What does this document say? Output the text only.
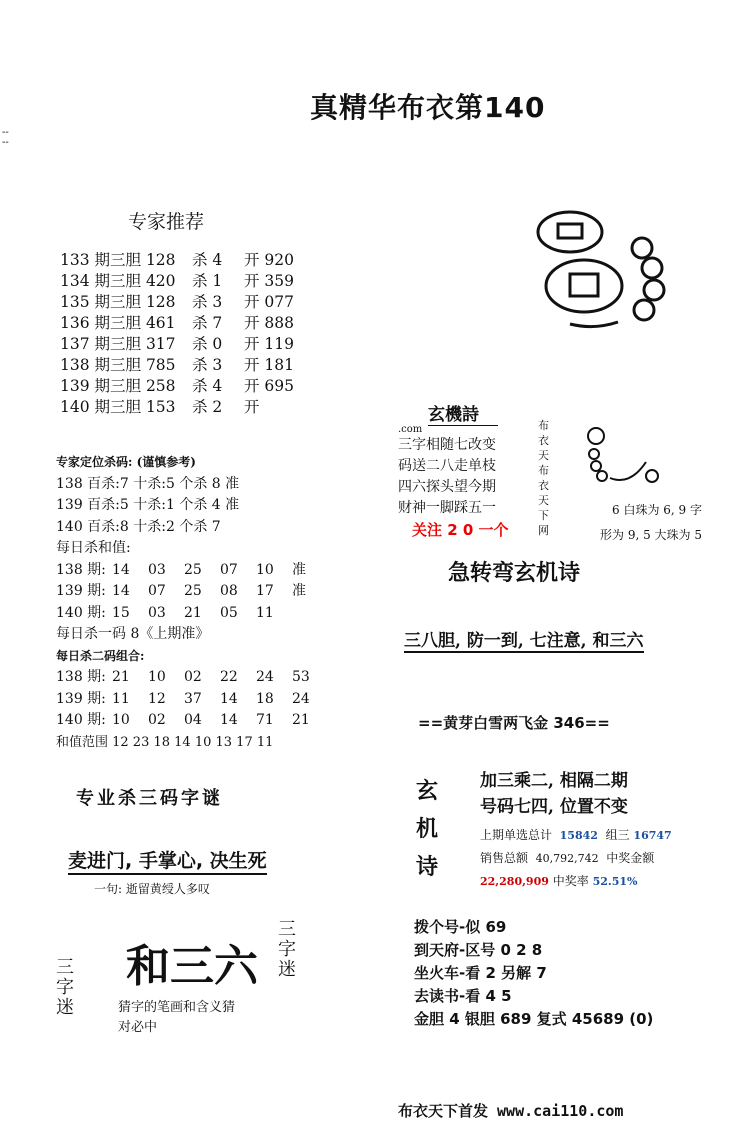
--
--
真精华布衣第140
专家推荐
133 期三胆 128 杀 4 开 920
134 期三胆 420 杀 1 开 359
135 期三胆 128 杀 3 开 077
136 期三胆 461 杀 7 开 888
137 期三胆 317 杀 0 开 119
138 期三胆 785 杀 3 开 181
139 期三胆 258 杀 4 开 695
140 期三胆 153 杀 2 开
专家定位杀码: (谨慎参考)
138 百杀:7 十杀:5 个杀 8 准
139 百杀:5 十杀:1 个杀 4 准
140 百杀:8 十杀:2 个杀 7
每日杀和值:
138 期: 14 03 25 07 10 准
139 期: 14 07 25 08 17 准
140 期: 15 03 21 05 11
每日杀一码 8《上期准》
每日杀二码组合:
138 期: 21 10 02 22 24 53
139 期: 11 12 37 14 18 24
140 期: 10 02 04 14 71 21
和值范围 12 23 18 14 10 13 17 11
专业杀三码字谜
麦进门, 手掌心, 决生死
一句: 逝留黄绶人多叹
三字迷
三字迷
和三六
猜字的笔画和含义猜
对必中
玄機詩
.com
三字相随七改变
码送二八走单枝
四六探头望今期
财神一脚踩五一
关注 2 0 一个
布衣天布衣天下网
6 白珠为 6, 9 字
形为 9, 5 大珠为 5
急转弯玄机诗
三八胆, 防一到, 七注意, 和三六
==黄芽白雪两飞金 346==
玄机诗
加三乘二, 相隔二期
号码七四, 位置不变
上期单选总计 15842 组三 16747
销售总额 40,792,742 中奖金额
22,280,909 中奖率 52.51%
拨个号-似 69
到天府-区号 0 2 8
坐火车-看 2 另解 7
去读书-看 4 5
金胆 4 银胆 689 复式 45689 (0)
布衣天下首发 www.cai110.com
